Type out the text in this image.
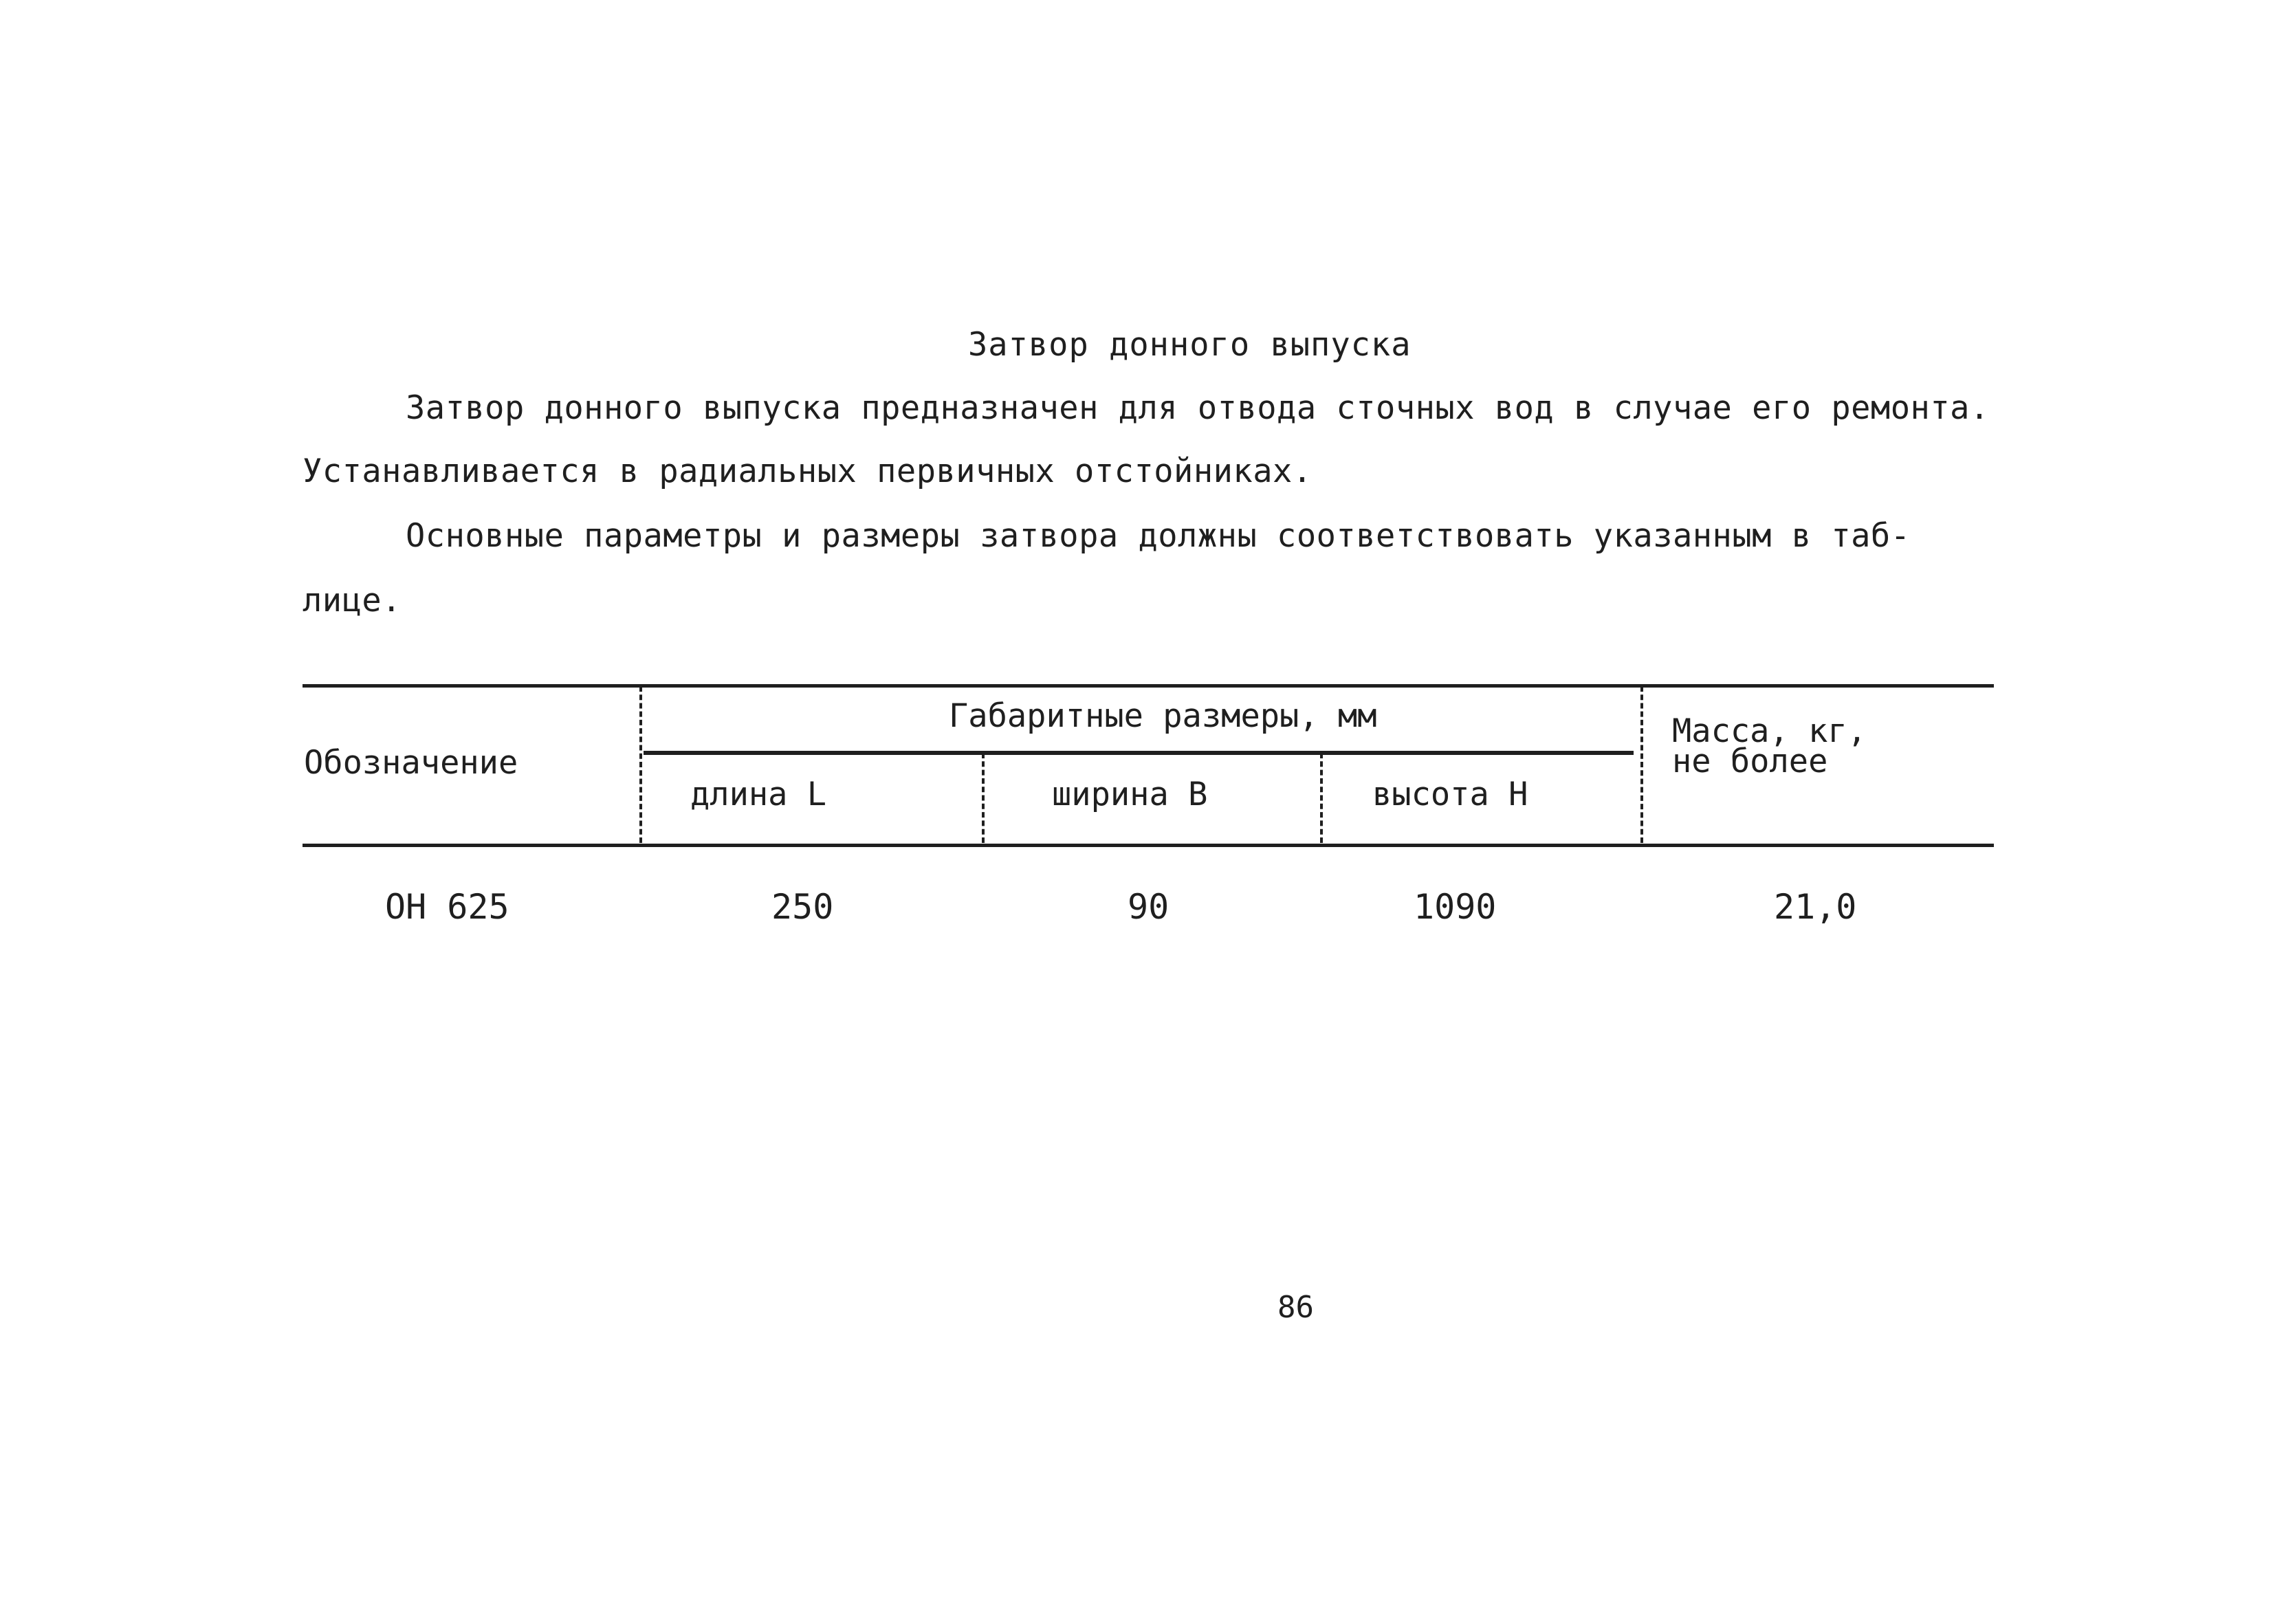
Затвор донного выпуска
Затвор донного выпуска предназначен для отвода сточных вод в случае его ремонта.
Устанавливается в радиальных первичных отстойниках.
Основные параметры и размеры затвора должны соответствовать указанным в таб-
лице.
Обозначение
Габаритные размеры, мм
длина L	ширина В	высота Н
Масса, кг,
не более
ОН 625	250	90	1090	21,0
86
